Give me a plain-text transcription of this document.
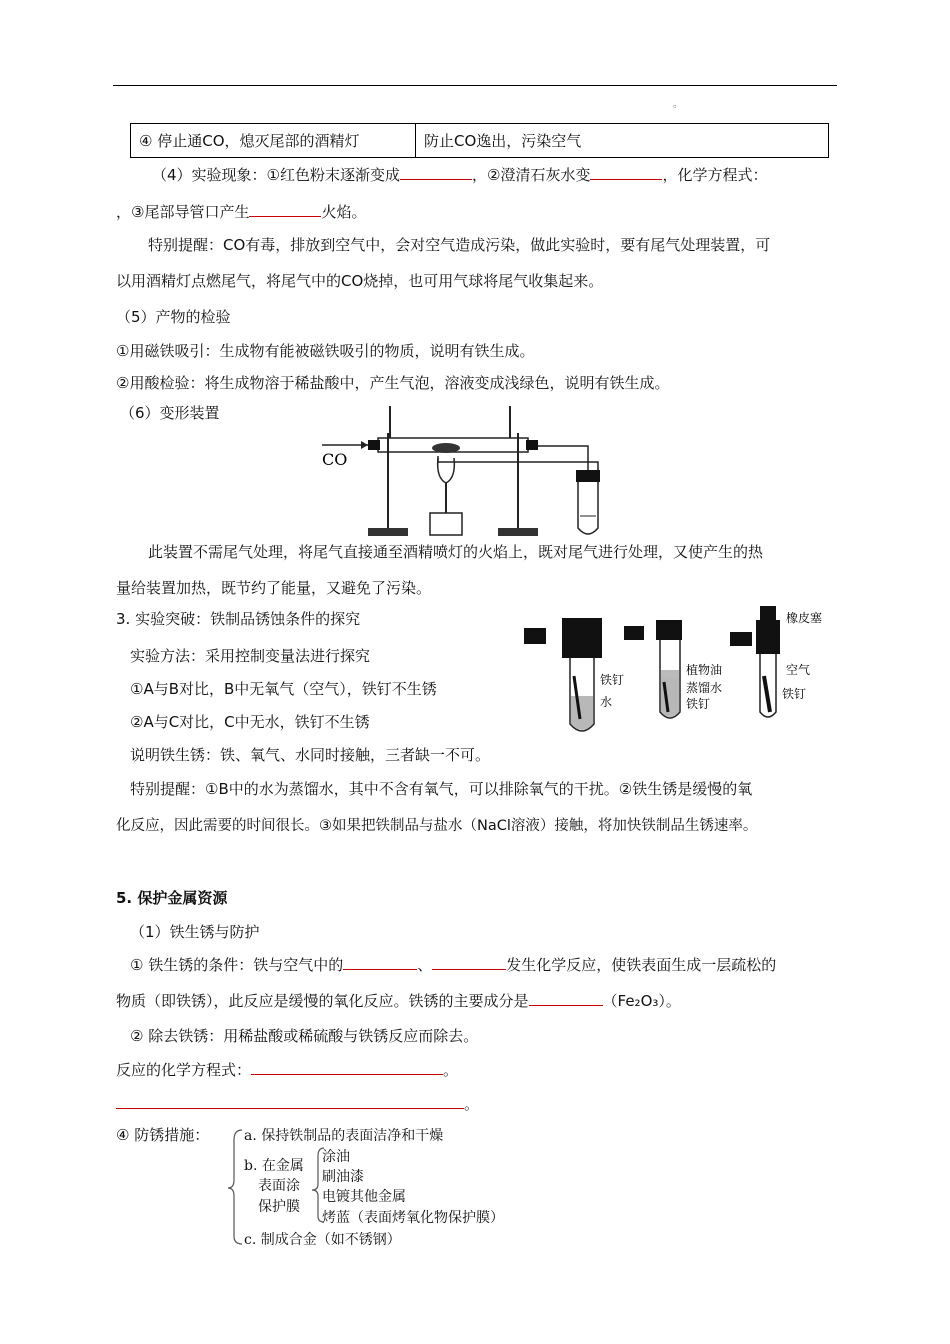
。
④ 停止通CO，熄灭尾部的酒精灯	防止CO逸出，污染空气
（4）实验现象：①红色粉末逐渐变成	，②澄清石灰水变	，化学方程式：
，③尾部导管口产生	火焰。
特别提醒：CO有毒，排放到空气中，会对空气造成污染，做此实验时，要有尾气处理装置，可
以用酒精灯点燃尾气，将尾气中的CO烧掉，也可用气球将尾气收集起来。
（5）产物的检验
①用磁铁吸引：生成物有能被磁铁吸引的物质，说明有铁生成。
②用酸检验：将生成物溶于稀盐酸中，产生气泡，溶液变成浅绿色，说明有铁生成。
（6）变形装置
CO
此装置不需尾气处理，将尾气直接通至酒精喷灯的火焰上，既对尾气进行处理，又使产生的热
量给装置加热，既节约了能量，又避免了污染。
3. 实验突破：铁制品锈蚀条件的探究
实验方法：采用控制变量法进行探究
①A与B对比，B中无氧气（空气），铁钉不生锈
②A与C对比，C中无水，铁钉不生锈
说明铁生锈：铁、氧气、水同时接触，三者缺一不可。
铁钉
水
植物油
蒸馏水
铁钉
橡皮塞
空气
铁钉
特别提醒：①B中的水为蒸馏水，其中不含有氧气，可以排除氧气的干扰。②铁生锈是缓慢的氧
化反应，因此需要的时间很长。③如果把铁制品与盐水（NaCl溶液）接触，将加快铁制品生锈速率。
5. 保护金属资源
（1）铁生锈与防护
① 铁生锈的条件：铁与空气中的	、	发生化学反应，使铁表面生成一层疏松的
物质（即铁锈），此反应是缓慢的氧化反应。铁锈的主要成分是	（Fe₂O₃）。
② 除去铁锈：用稀盐酸或稀硫酸与铁锈反应而除去。
反应的化学方程式：	。
。
④ 防锈措施： a. 保持铁制品的表面洁净和干燥
b. 在金属
表面涂
保护膜
涂油
刷油漆
电镀其他金属
烤蓝（表面烤氧化物保护膜）
c. 制成合金（如不锈钢）
